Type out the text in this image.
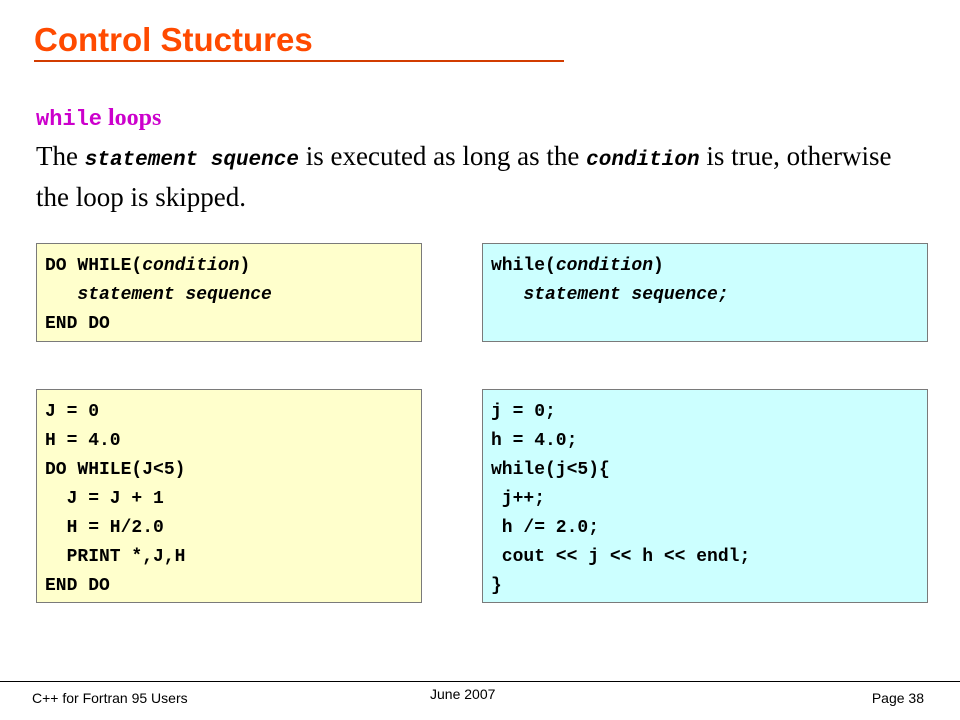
Control Stuctures
while loops
The statement squence is executed as long as the condition is true, otherwise the loop is skipped.
DO WHILE(condition)
statement sequence
END DO
while(condition)
statement sequence;
J = 0
H = 4.0
DO WHILE(J<5)
J = J + 1
H = H/2.0
PRINT *,J,H
END DO
j = 0;
h = 4.0;
while(j<5){
j++;
h /= 2.0;
cout << j << h << endl;
}
C++ for Fortran 95 Users	June 2007	Page 38
